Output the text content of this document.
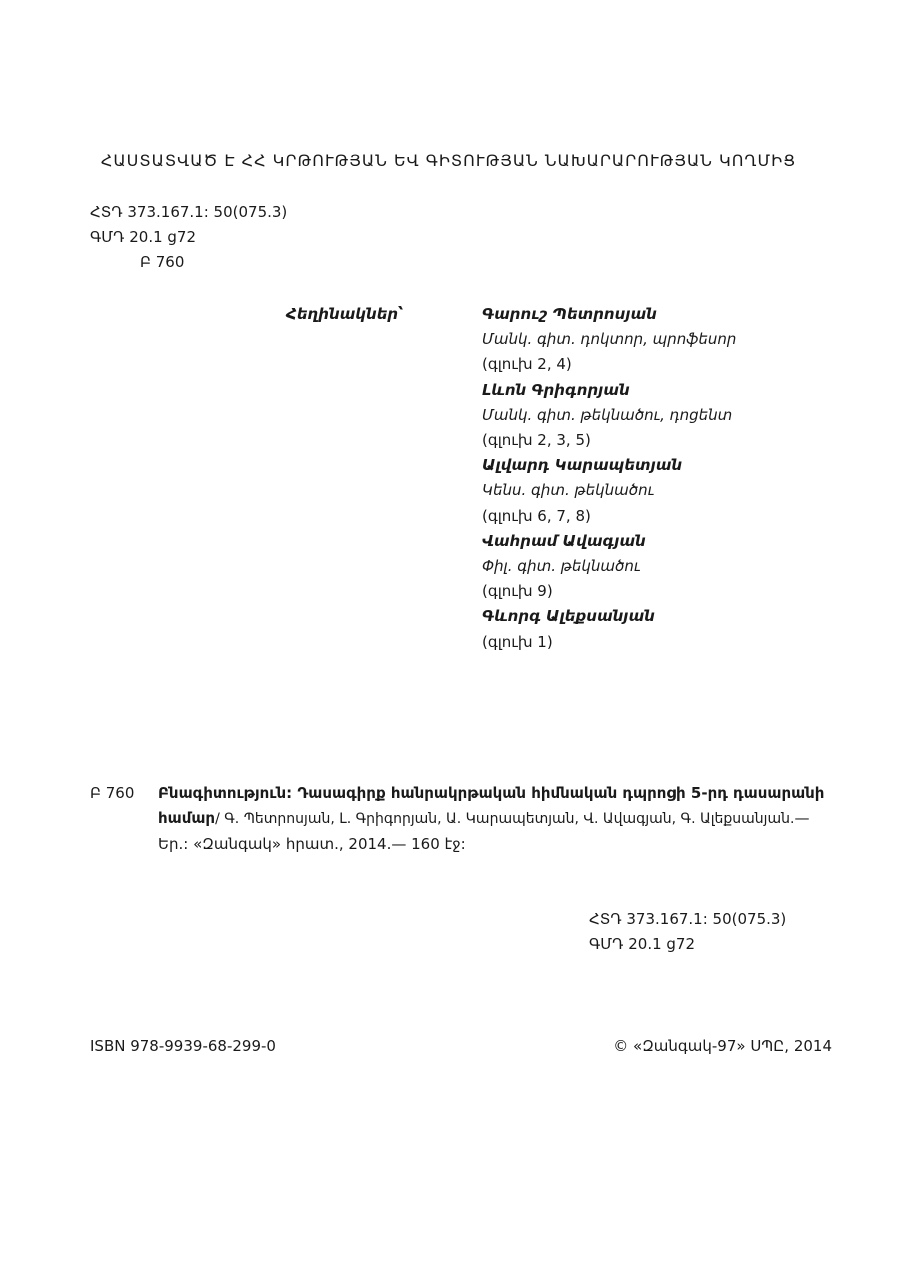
ՀԱՍՏԱՏՎԱԾ Է ՀՀ ԿՐԹՈՒԹՅԱՆ ԵՎ ԳԻՏՈՒԹՅԱՆ ՆԱԽԱՐԱՐՈՒԹՅԱՆ ԿՈՂՄԻՑ
ՀՏԴ 373.167.1: 50(075.3)
ԳՄԴ 20.1 ց72
Բ 760
Հեղինակներ՝	Գարուշ Պետրոսյան
Մանկ. գիտ. դոկտոր, պրոֆեսոր
(գլուխ 2, 4)
Լևոն Գրիգորյան
Մանկ. գիտ. թեկնածու, դոցենտ
(գլուխ 2, 3, 5)
Ալվարդ Կարապետյան
Կենս. գիտ. թեկնածու
(գլուխ 6, 7, 8)
Վահրամ Ավագյան
Փիլ. գիտ. թեկնածու
(գլուխ 9)
Գևորգ Ալեքսանյան
(գլուխ 1)
Բ 760 Բնագիտություն: Դասագիրք հանրակրթական հիմնական դպրոցի 5-րդ դասարանի համար/ Գ. Պետրոսյան, Լ. Գրիգորյան, Ա. Կարապետյան, Վ. Ավագյան, Գ. Ալեքսանյան.— Եր.: «Զանգակ» հրատ., 2014.— 160 էջ:
ՀՏԴ 373.167.1: 50(075.3)
ԳՄԴ 20.1 ց72
ISBN 978-9939-68-299-0	© «Զանգակ-97» ՍՊԸ, 2014
